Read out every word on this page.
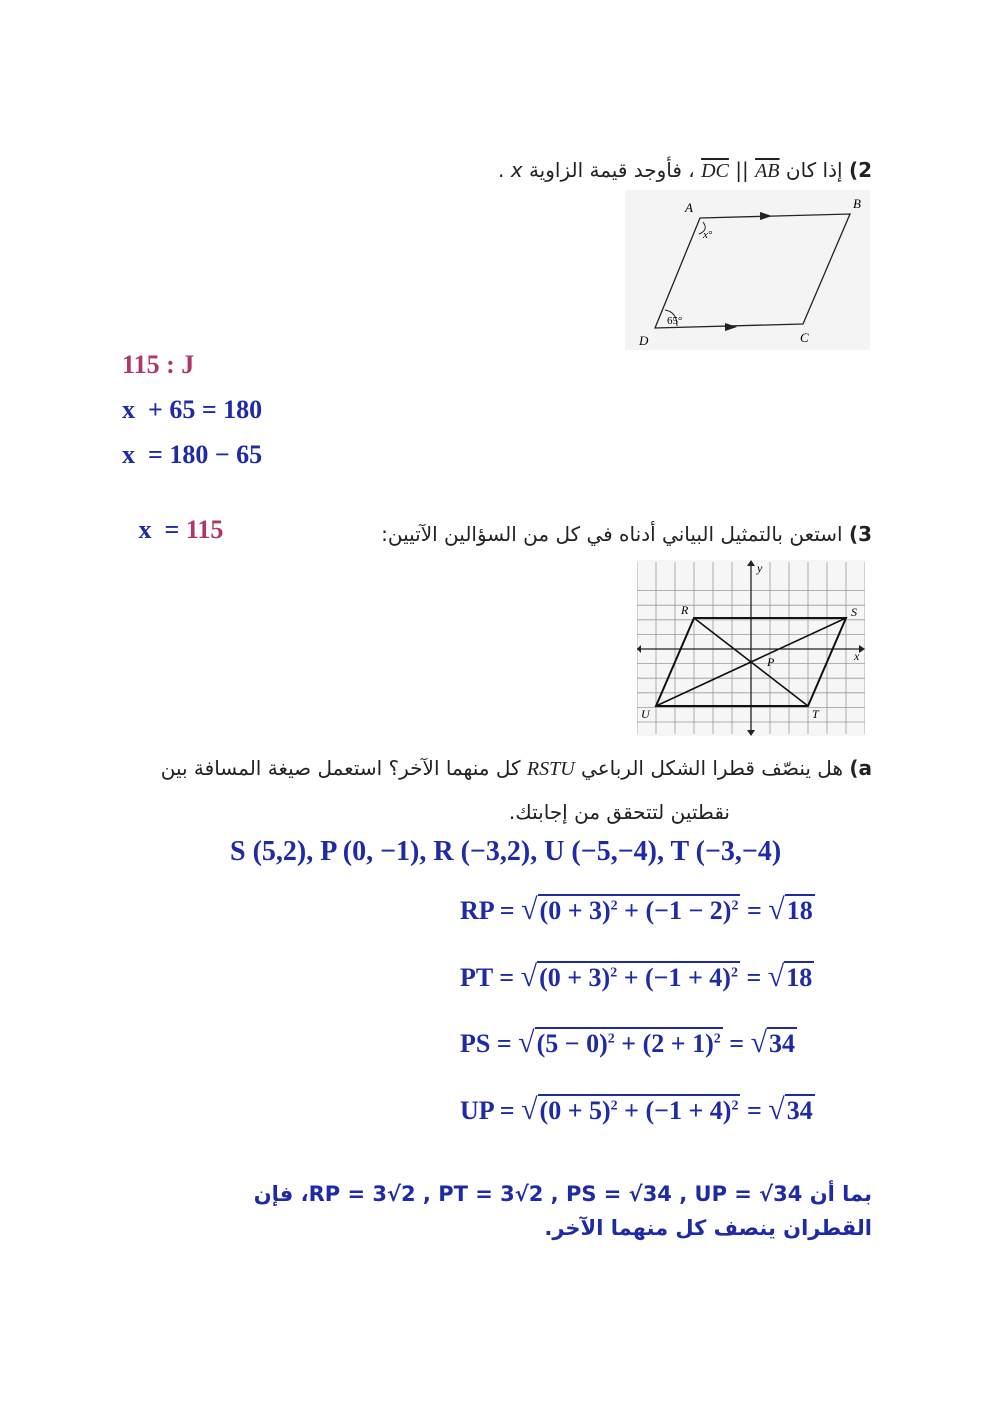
2) إذا كان DC || AB ، فأوجد قيمة الزاوية x .
A	B
C
D
x°
65°
115 : J
x  + 65 = 180
x  = 180 − 65

x  = 115	3) استعن بالتمثيل البياني أدناه في كل من السؤالين الآتيين:
R	S
T
U
P	x
y
a) هل ينصّف قطرا الشكل الرباعي RSTU كل منهما الآخر؟ استعمل صيغة المسافة بين
نقطتين لتتحقق من إجابتك.
S (5,2), P (0, −1), R (−3,2), U (−5,−4), T (−3,−4)
RP = $√(0 + 3)^2 + (-1 - 2)^2 = √18$
PT = $√(0 + 3)^2 + (-1 + 4)^2 = √18$
PS = $√(5 - 0)^2 + (2 + 1)^2 = √34$
UP = $√(0 + 5)^2 + (-1 + 4)^2 = √34$
بما أن RP = 3√2 , PT = 3√2 , PS = √34 , UP = √34، فإن
القطران ينصف كل منهما الآخر.
